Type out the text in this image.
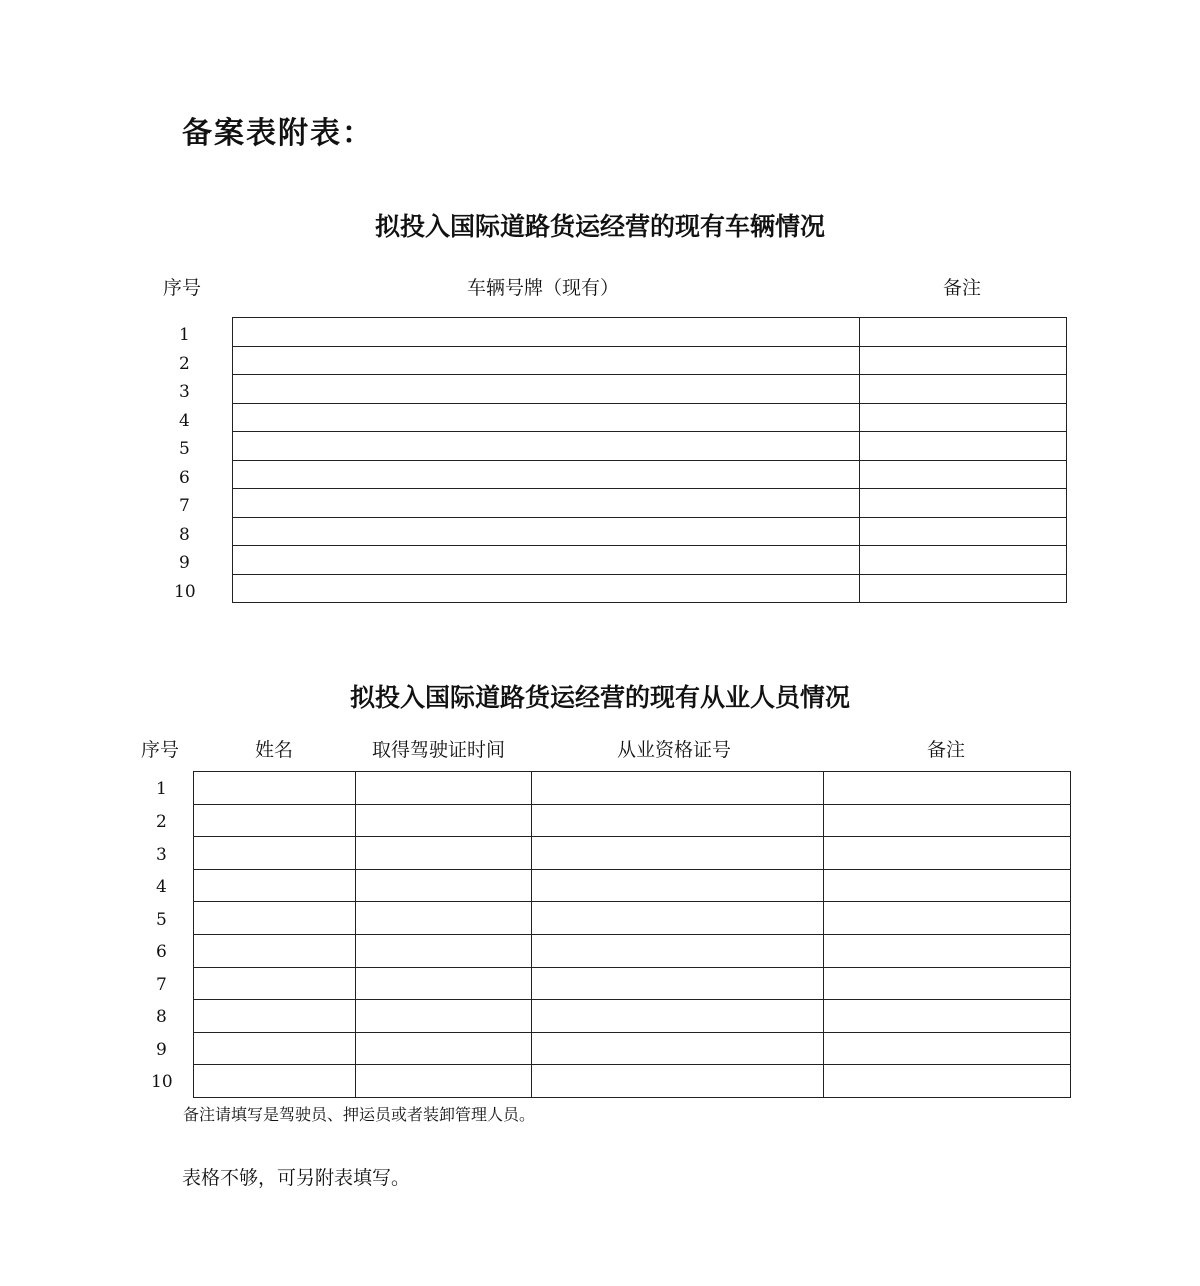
备案表附表：
拟投入国际道路货运经营的现有车辆情况
序号	车辆号牌（现有）	备注
1
2
3
4
5
6
7
8
9
10

拟投入国际道路货运经营的现有从业人员情况
序号	姓名	取得驾驶证时间	从业资格证号	备注
1
2
3
4
5
6
7
8
9
10

备注请填写是驾驶员、押运员或者装卸管理人员。
表格不够，可另附表填写。
